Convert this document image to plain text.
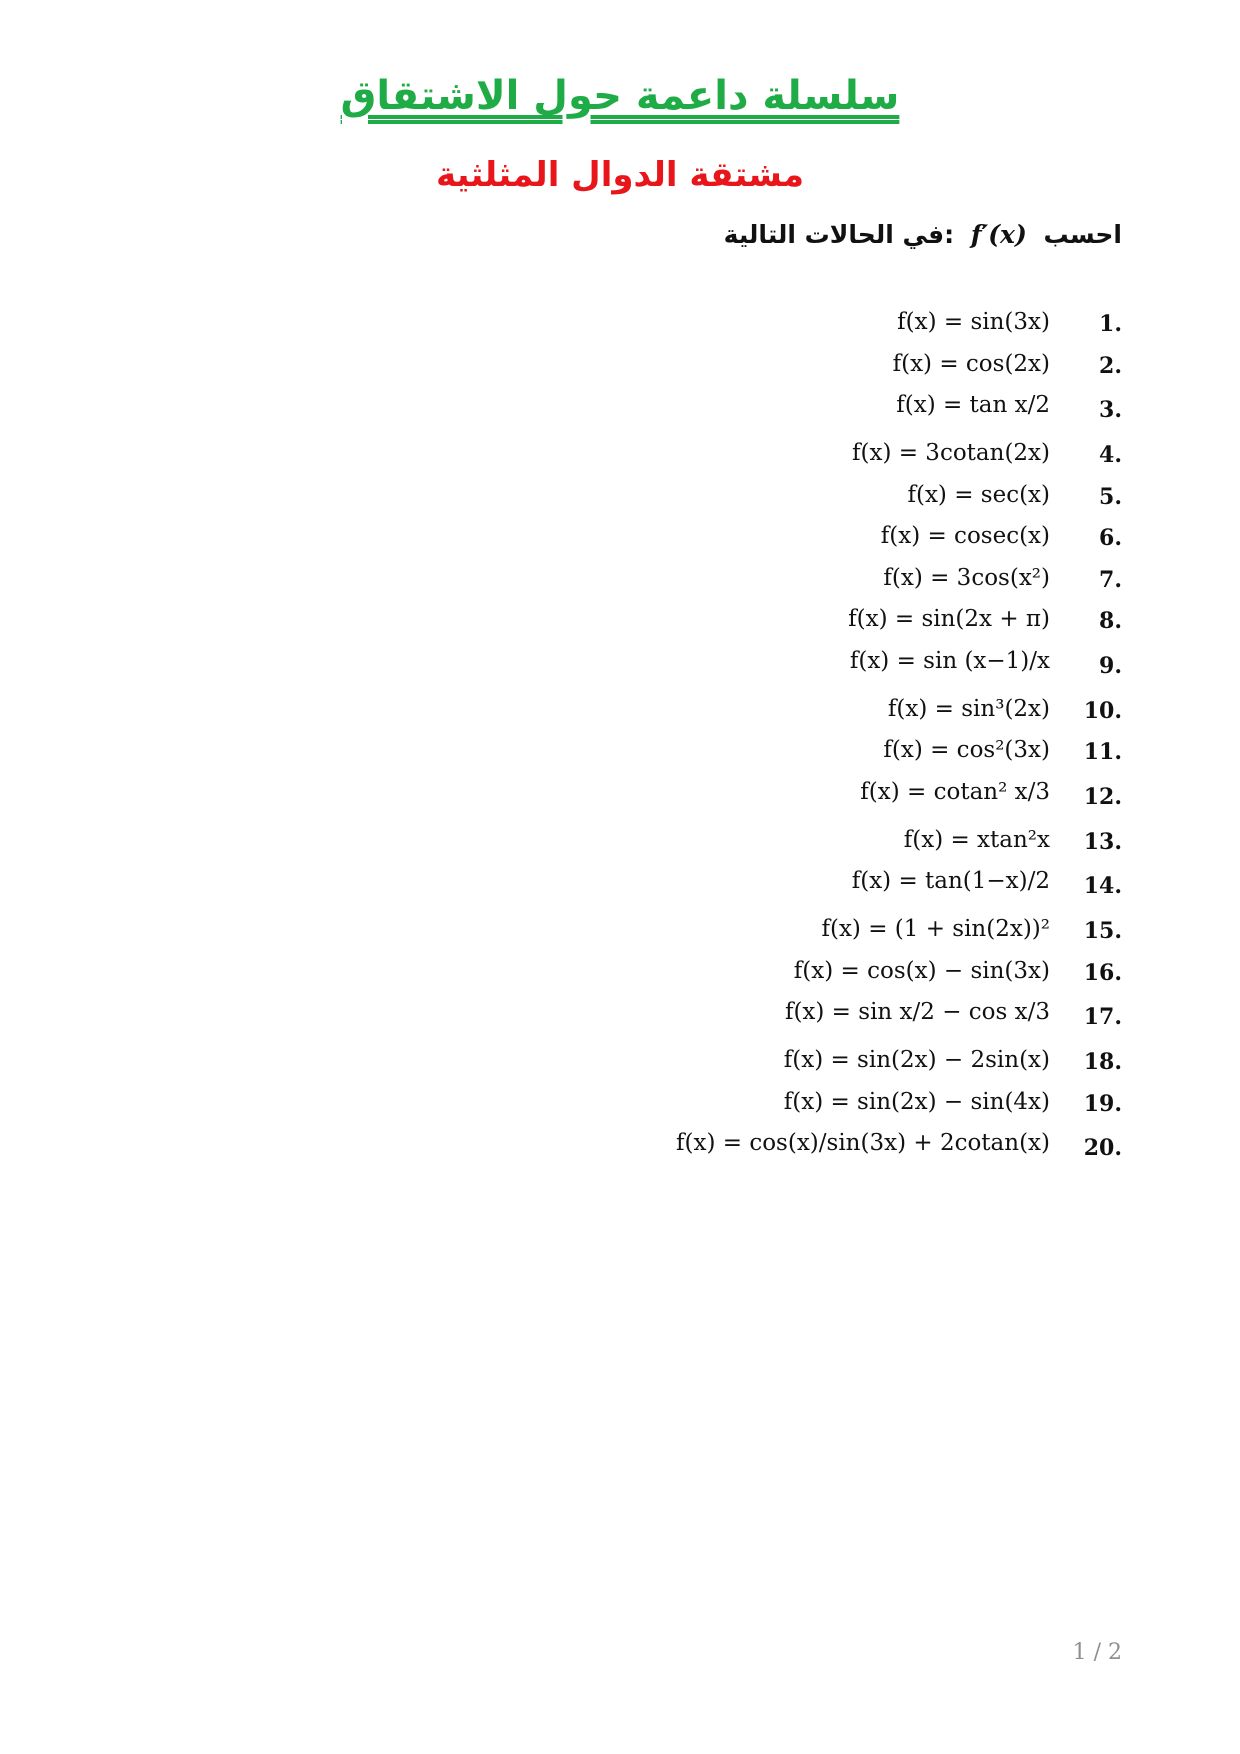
سلسلة داعمة حول الاشتقاق
مشتقة الدوال المثلثية
احسب f′(x) :في الحالات التالية
.1
f(x) = sin(3x)
.2
f(x) = cos(2x)
.3
f(x) = tan x/2
.4
f(x) = 3cotan(2x)
.5
f(x) = sec(x)
.6
f(x) = cosec(x)
.7
f(x) = 3cos(x²)
.8
f(x) = sin(2x + π)
.9
f(x) = sin (x−1)/x
.10
f(x) = sin³(2x)
.11
f(x) = cos²(3x)
.12
f(x) = cotan² x/3
.13
f(x) = xtan²x
.14
f(x) = tan(1−x)/2
.15
f(x) = (1 + sin(2x))²
.16
f(x) = cos(x) − sin(3x)
.17
f(x) = sin x/2 − cos x/3
.18
f(x) = sin(2x) − 2sin(x)
.19
f(x) = sin(2x) − sin(4x)
.20
f(x) = cos(x)/sin(3x) + 2cotan(x)
1 / 2
